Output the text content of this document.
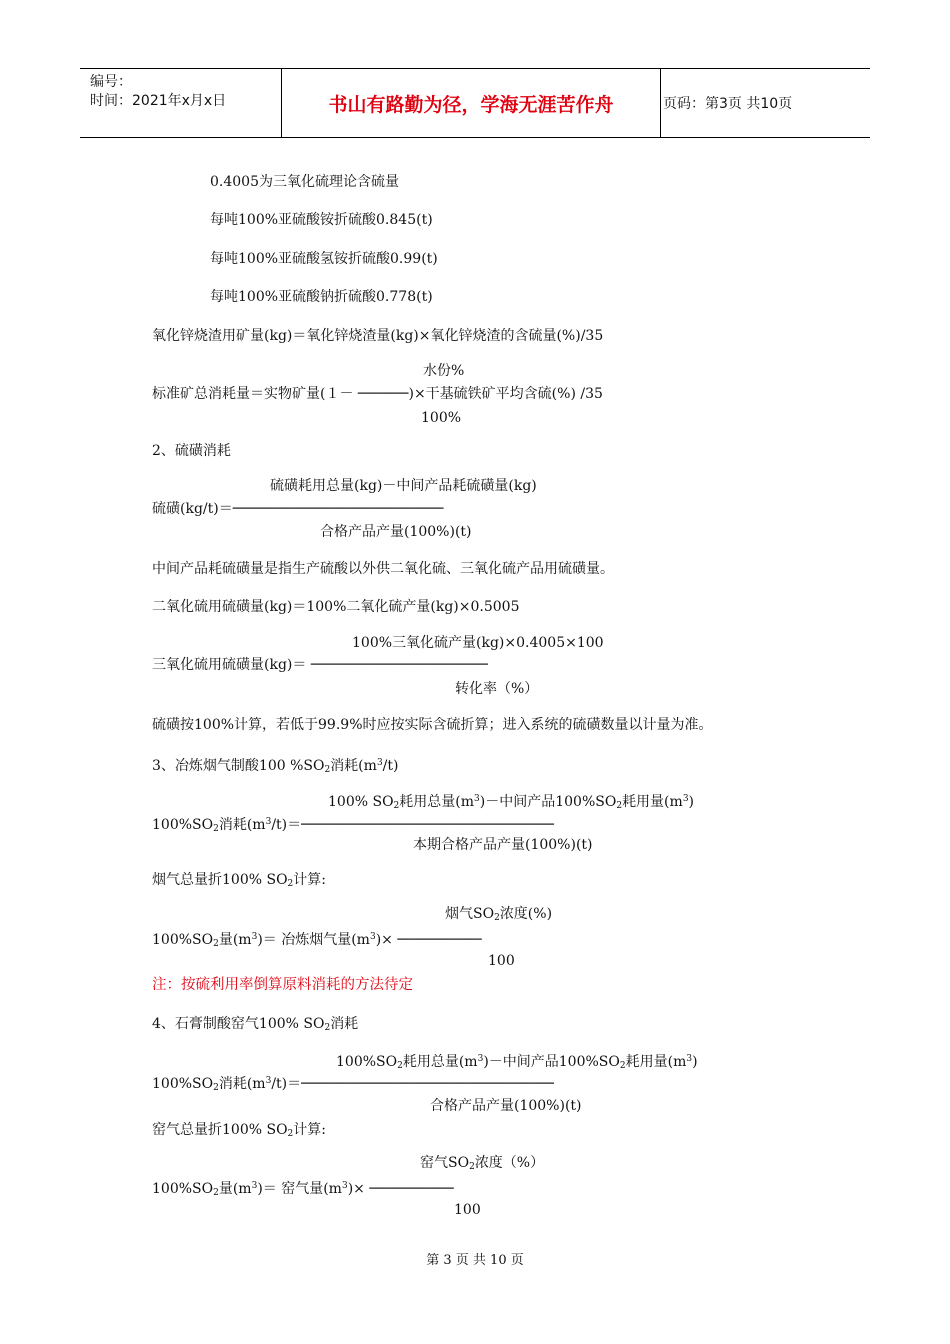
编号：
时间：2021年x月x日	书山有路勤为径，学海无涯苦作舟	页码：第3页 共10页
0.4005为三氧化硫理论含硫量
每吨100%亚硫酸铵折硫酸0.845(t)
每吨100%亚硫酸氢铵折硫酸0.99(t)
每吨100%亚硫酸钠折硫酸0.778(t)
氧化锌烧渣用矿量(kg)＝氧化锌烧渣量(kg)×氧化锌烧渣的含硫量(%)/35
水份%
标准矿总消耗量＝实物矿量(１－ ──────)×干基硫铁矿平均含硫(%) /35
100%
2、硫磺消耗
硫磺耗用总量(kg)－中间产品耗硫磺量(kg)
硫磺(kg/t)＝─────────────────────────
合格产品产量(100%)(t)
中间产品耗硫磺量是指生产硫酸以外供二氧化硫、三氧化硫产品用硫磺量。
二氧化硫用硫磺量(kg)＝100%二氧化硫产量(kg)×0.5005
100%三氧化硫产量(kg)×0.4005×100
三氧化硫用硫磺量(kg)＝ ─────────────────────
转化率（%）
硫磺按100%计算，若低于99.9%时应按实际含硫折算；进入系统的硫磺数量以计量为准。
3、冶炼烟气制酸100 $\%SO_2$消耗$(m^3/t)$
100% $SO_2$耗用总量$(m^3)-$中间产品$100\%SO_2$耗用量$(m^3)$
$100\%SO_2$消耗$(m^3/t)=──────────────────────────────$
本期合格产品产量(100%)(t)
烟气总量折100% $SO_2$计算:
烟气$SO_2$浓度(%)
$100\%SO_2$量$(m^3)=$ 冶炼烟气量$(m^3)\times$ ──────────
100
注：按硫利用率倒算原料消耗的方法待定
4、石膏制酸窑气100% $SO_2$消耗
$100\%SO_2$耗用总量$(m^3)-$中间产品$100\%SO_2$耗用量$(m^3)$
$100\%SO_2$消耗$(m^3/t)=──────────────────────────────$
合格产品产量(100%)(t)
窑气总量折100% $SO_2$计算:
窑气$SO_2$浓度（%）
$100\%SO_2$量$(m^3)=$ 窑气量$(m^3)\times$ ──────────
100
第 3 页 共 10 页
